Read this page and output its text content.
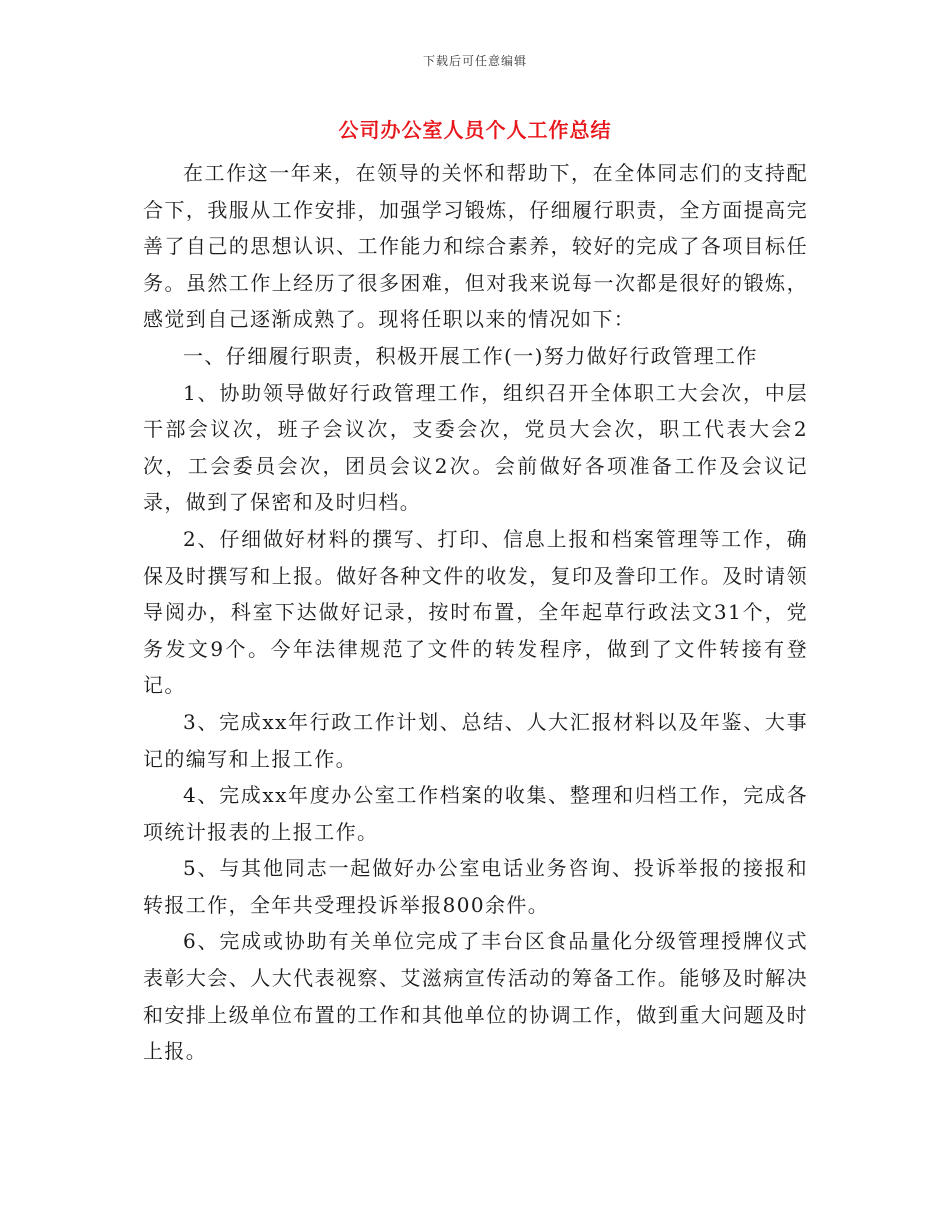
下载后可任意编辑
公司办公室人员个人工作总结

在工作这一年来，在领导的关怀和帮助下，在全体同志们的支持配合下，我服从工作安排，加强学习锻炼，仔细履行职责，全方面提高完善了自己的思想认识、工作能力和综合素养，较好的完成了各项目标任务。虽然工作上经历了很多困难，但对我来说每一次都是很好的锻炼，感觉到自己逐渐成熟了。现将任职以来的情况如下：

一、仔细履行职责，积极开展工作(一)努力做好行政管理工作

1、协助领导做好行政管理工作，组织召开全体职工大会次，中层干部会议次，班子会议次，支委会次，党员大会次，职工代表大会2次，工会委员会次，团员会议2次。会前做好各项准备工作及会议记录，做到了保密和及时归档。

2、仔细做好材料的撰写、打印、信息上报和档案管理等工作，确保及时撰写和上报。做好各种文件的收发，复印及誊印工作。及时请领导阅办，科室下达做好记录，按时布置，全年起草行政法文31个，党务发文9个。今年法律规范了文件的转发程序，做到了文件转接有登记。

3、完成xx年行政工作计划、总结、人大汇报材料以及年鉴、大事记的编写和上报工作。

4、完成xx年度办公室工作档案的收集、整理和归档工作，完成各项统计报表的上报工作。

5、与其他同志一起做好办公室电话业务咨询、投诉举报的接报和转报工作，全年共受理投诉举报800余件。

6、完成或协助有关单位完成了丰台区食品量化分级管理授牌仪式表彰大会、人大代表视察、艾滋病宣传活动的筹备工作。能够及时解决和安排上级单位布置的工作和其他单位的协调工作，做到重大问题及时上报。
